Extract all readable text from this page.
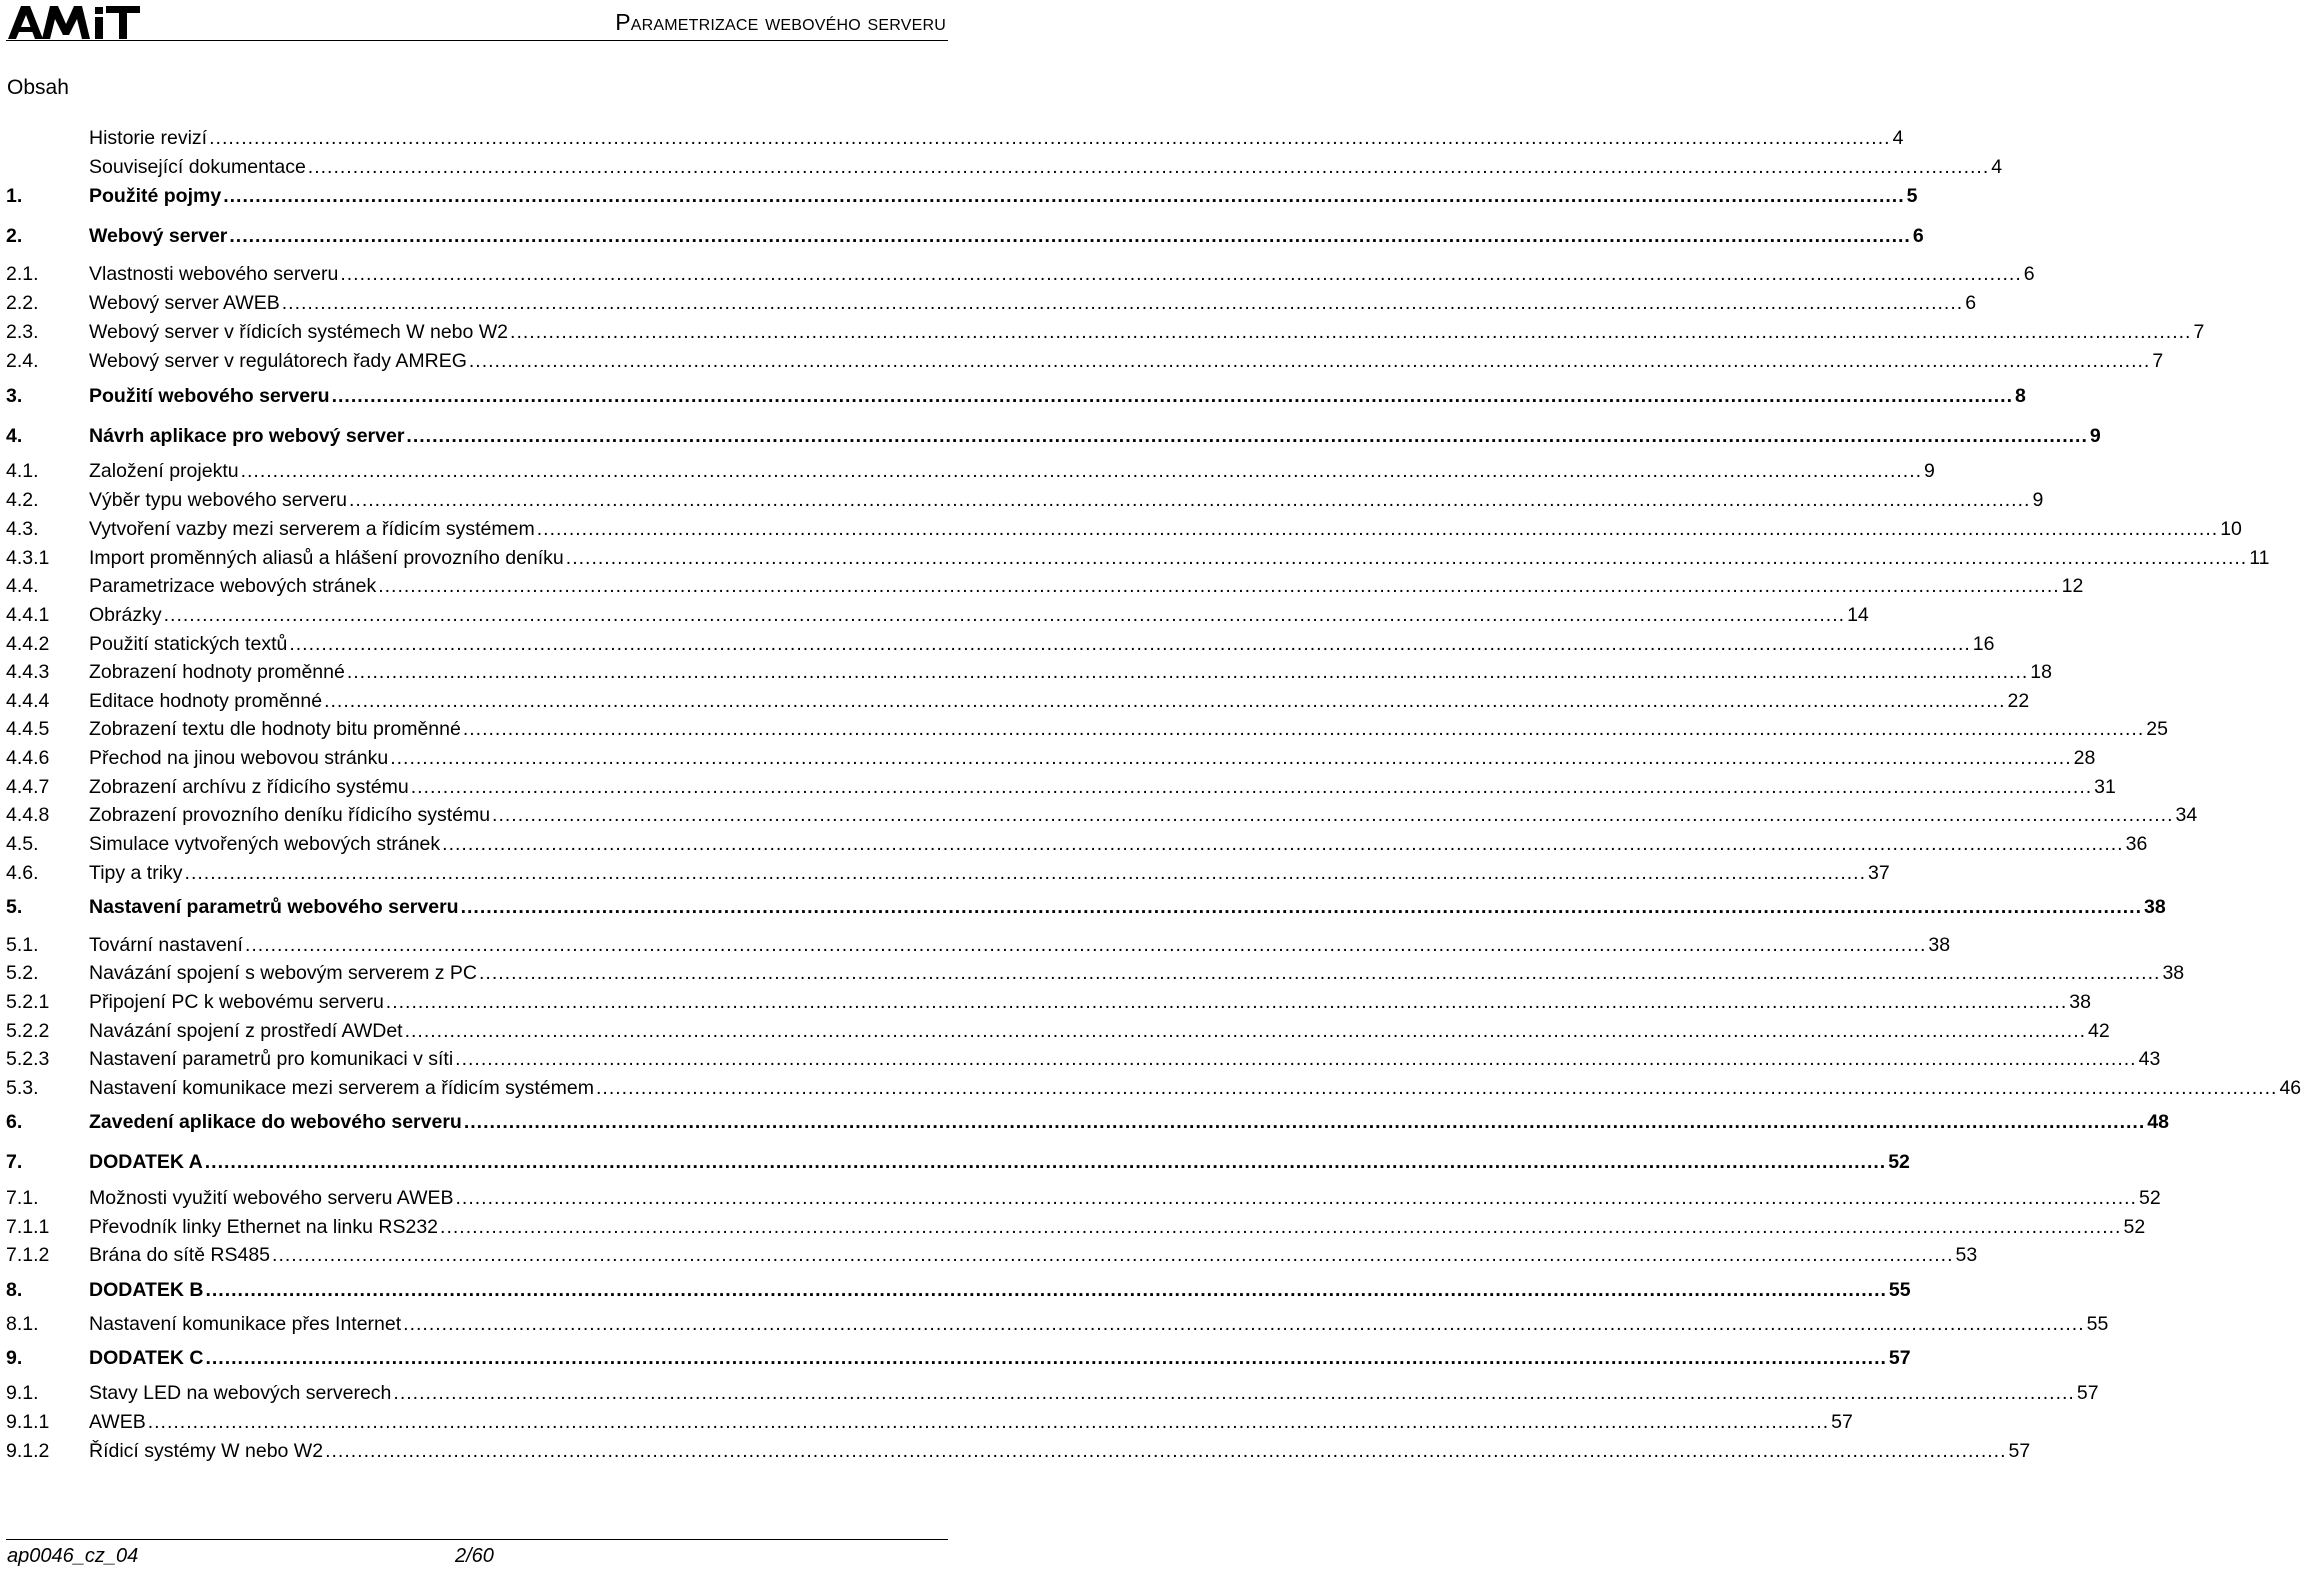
Parametrizace webového serveru
Obsah
Historie revizí .....	4
Související dokumentace .....	4
1.	Použité pojmy .....	5
2.	Webový server .....	6
2.1.	Vlastnosti webového serveru .....	6
2.2.	Webový server AWEB .....	6
2.3.	Webový server v řídicích systémech W nebo W2 .....	7
2.4.	Webový server v regulátorech řady AMREG .....	7
3.	Použití webového serveru .....	8
4.	Návrh aplikace pro webový server .....	9
4.1.	Založení projektu .....	9
4.2.	Výběr typu webového serveru .....	9
4.3.	Vytvoření vazby mezi serverem a řídicím systémem .....	10
4.3.1	Import proměnných aliasů a hlášení provozního deníku .....	11
4.4.	Parametrizace webových stránek .....	12
4.4.1	Obrázky .....	14
4.4.2	Použití statických textů .....	16
4.4.3	Zobrazení hodnoty proměnné .....	18
4.4.4	Editace hodnoty proměnné .....	22
4.4.5	Zobrazení textu dle hodnoty bitu proměnné .....	25
4.4.6	Přechod na jinou webovou stránku .....	28
4.4.7	Zobrazení archívu z řídicího systému .....	31
4.4.8	Zobrazení provozního deníku řídicího systému .....	34
4.5.	Simulace vytvořených webových stránek .....	36
4.6.	Tipy a triky .....	37
5.	Nastavení parametrů webového serveru .....	38
5.1.	Tovární nastavení .....	38
5.2.	Navázání spojení s webovým serverem z PC .....	38
5.2.1	Připojení PC k webovému serveru .....	38
5.2.2	Navázání spojení z prostředí AWDet .....	42
5.2.3	Nastavení parametrů pro komunikaci v síti .....	43
5.3.	Nastavení komunikace mezi serverem a řídicím systémem .....	46
6.	Zavedení aplikace do webového serveru .....	48
7.	DODATEK A .....	52
7.1.	Možnosti využití webového serveru AWEB .....	52
7.1.1	Převodník linky Ethernet na linku RS232 .....	52
7.1.2	Brána do sítě RS485 .....	53
8.	DODATEK B .....	55
8.1.	Nastavení komunikace přes Internet .....	55
9.	DODATEK C .....	57
9.1.	Stavy LED na webových serverech .....	57
9.1.1	AWEB .....	57
9.1.2	Řídicí systémy W nebo W2 .....	57
ap0046_cz_04	2/60
